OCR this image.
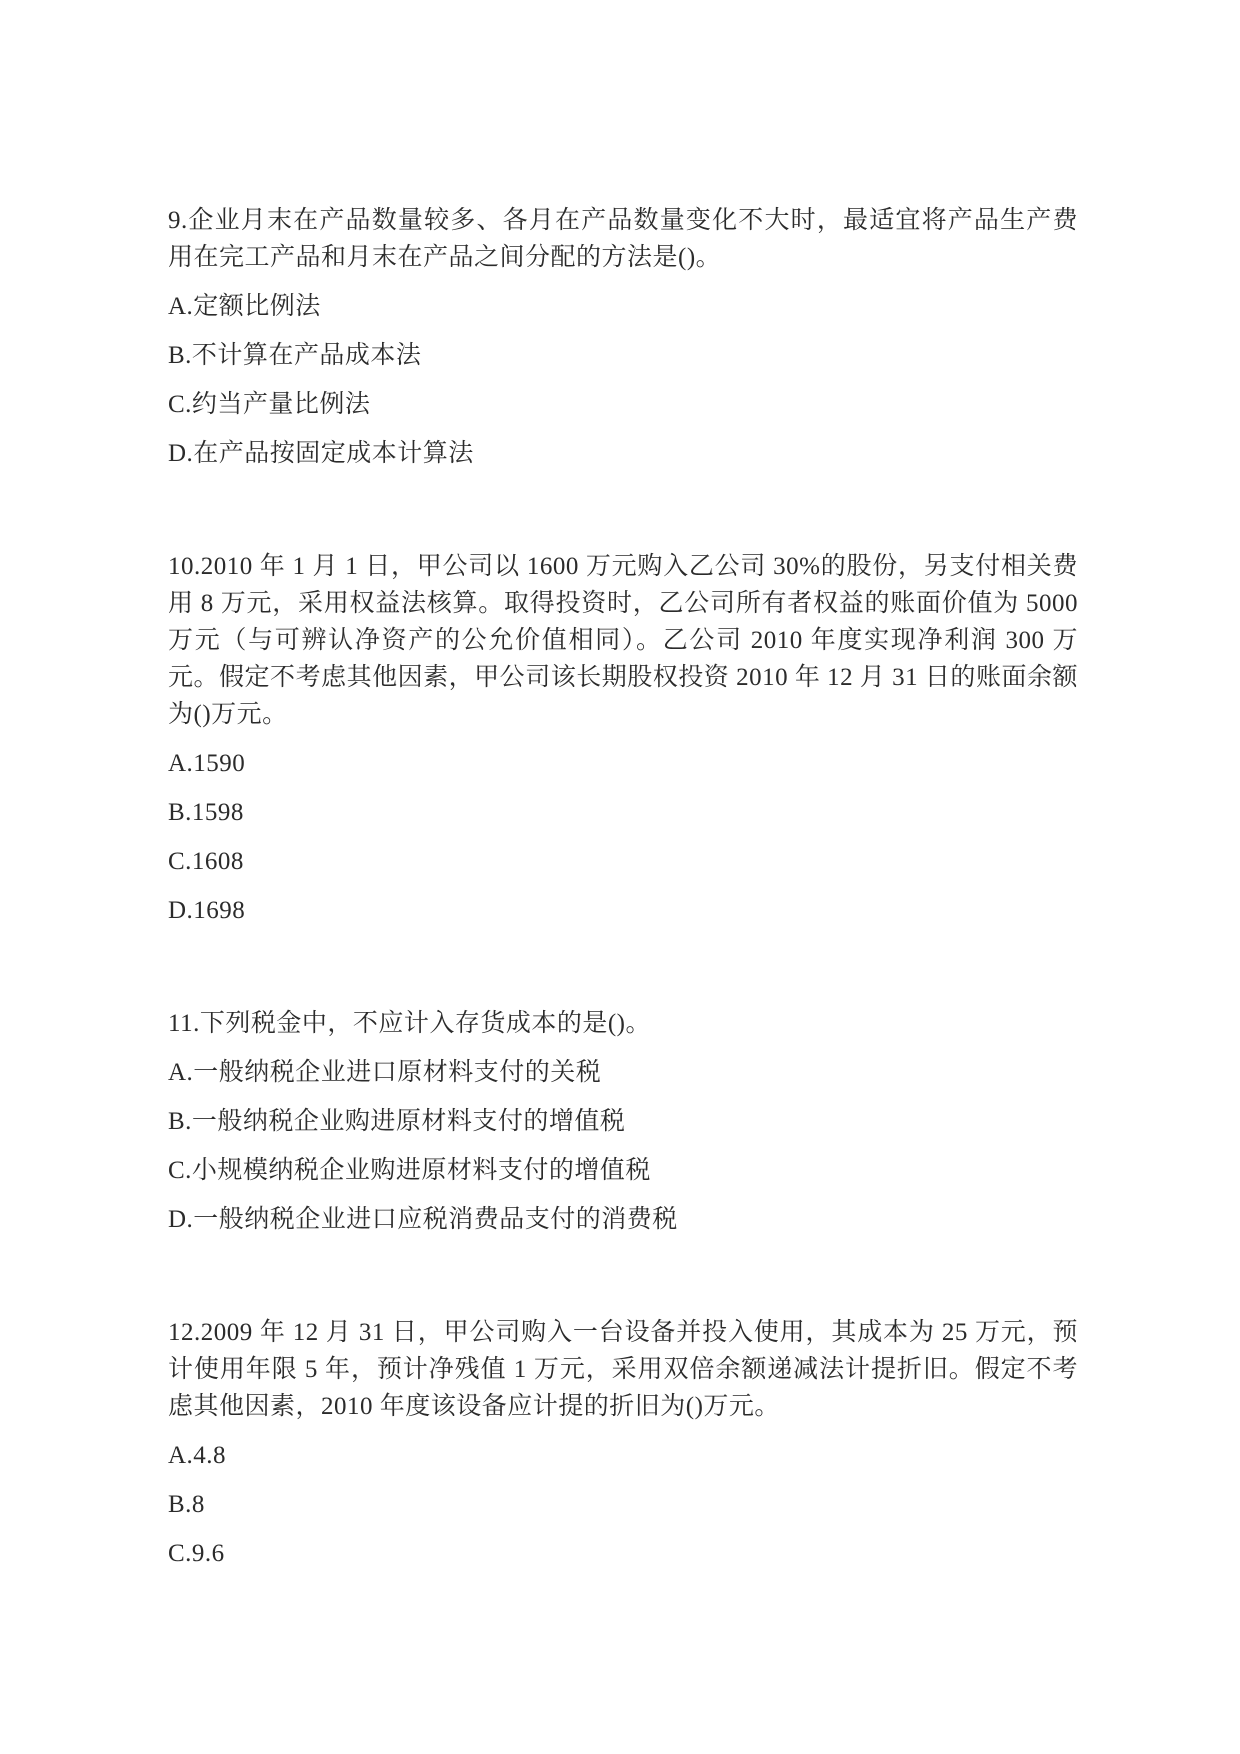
9.企业月末在产品数量较多、各月在产品数量变化不大时，最适宜将产品生产费用在完工产品和月末在产品之间分配的方法是()。

A.定额比例法

B.不计算在产品成本法

C.约当产量比例法

D.在产品按固定成本计算法

10.2010 年 1 月 1 日，甲公司以 1600 万元购入乙公司 30%的股份，另支付相关费用 8 万元，采用权益法核算。取得投资时，乙公司所有者权益的账面价值为 5000 万元（与可辨认净资产的公允价值相同）。乙公司 2010 年度实现净利润 300 万元。假定不考虑其他因素，甲公司该长期股权投资 2010 年 12 月 31 日的账面余额为()万元。

A.1590

B.1598

C.1608

D.1698

11.下列税金中，不应计入存货成本的是()。

A.一般纳税企业进口原材料支付的关税

B.一般纳税企业购进原材料支付的增值税

C.小规模纳税企业购进原材料支付的增值税

D.一般纳税企业进口应税消费品支付的消费税

12.2009 年 12 月 31 日，甲公司购入一台设备并投入使用，其成本为 25 万元，预计使用年限 5 年，预计净残值 1 万元，采用双倍余额递减法计提折旧。假定不考虑其他因素，2010 年度该设备应计提的折旧为()万元。

A.4.8

B.8

C.9.6
